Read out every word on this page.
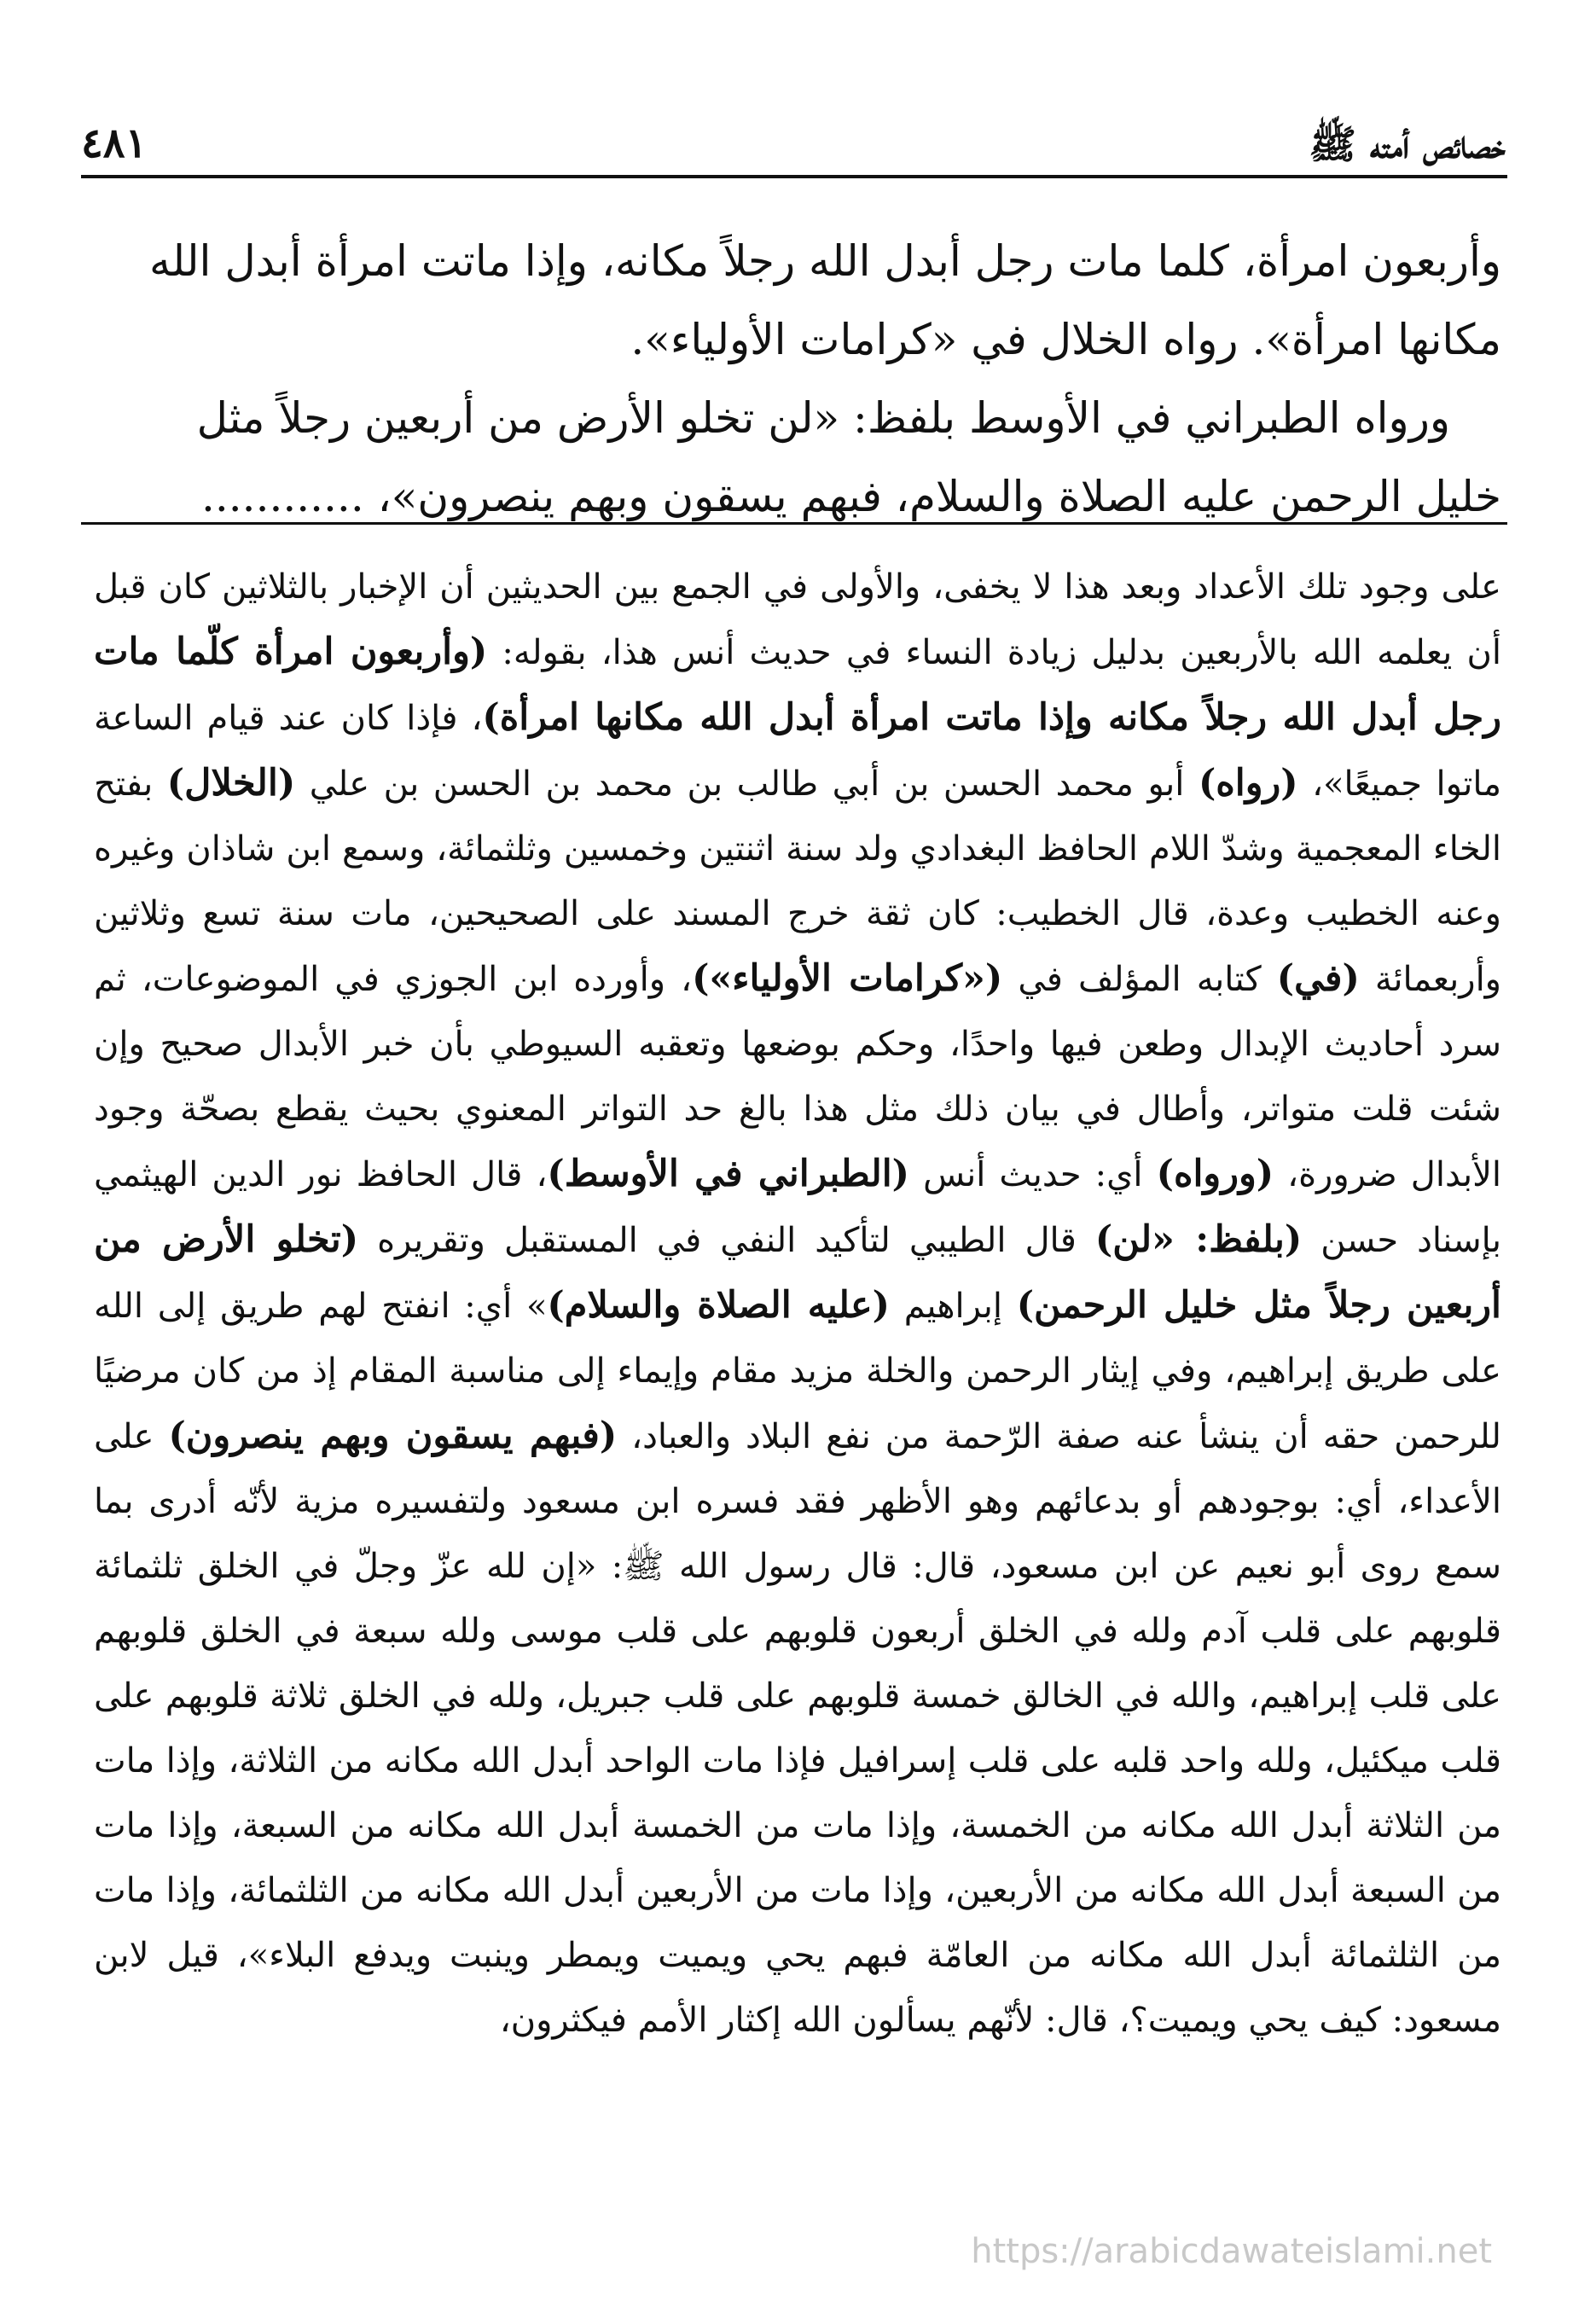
٤٨١	خصائص أمته ﷺ

وأربعون امرأة، كلما مات رجل أبدل الله رجلاً مكانه، وإذا ماتت امرأة أبدل الله

مكانها امرأة». رواه الخلال في «كرامات الأولياء».

ورواه الطبراني في الأوسط بلفظ: «لن تخلو الأرض من أربعين رجلاً مثل

خليل الرحمن عليه الصلاة والسلام، فبهم يسقون وبهم ينصرون»، ............

على وجود تلك الأعداد وبعد هذا لا يخفى، والأولى في الجمع بين الحديثين أن الإخبار بالثلاثين كان قبل أن يعلمه الله بالأربعين بدليل زيادة النساء في حديث أنس هذا، بقوله: (وأربعون امرأة كلّما مات رجل أبدل الله رجلاً مكانه وإذا ماتت امرأة أبدل الله مكانها امرأة)، فإذا كان عند قيام الساعة ماتوا جميعًا»، (رواه) أبو محمد الحسن بن أبي طالب بن محمد بن الحسن بن علي (الخلال) بفتح الخاء المعجمية وشدّ اللام الحافظ البغدادي ولد سنة اثنتين وخمسين وثلثمائة، وسمع ابن شاذان وغيره وعنه الخطيب وعدة، قال الخطيب: كان ثقة خرج المسند على الصحيحين، مات سنة تسع وثلاثين وأربعمائة (في) كتابه المؤلف في («كرامات الأولياء»)، وأورده ابن الجوزي في الموضوعات، ثم سرد أحاديث الإبدال وطعن فيها واحدًا، وحكم بوضعها وتعقبه السيوطي بأن خبر الأبدال صحيح وإن شئت قلت متواتر، وأطال في بيان ذلك مثل هذا بالغ حد التواتر المعنوي بحيث يقطع بصحّة وجود الأبدال ضرورة، (ورواه) أي: حديث أنس (الطبراني في الأوسط)، قال الحافظ نور الدين الهيثمي بإسناد حسن (بلفظ: «لن) قال الطيبي لتأكيد النفي في المستقبل وتقريره (تخلو الأرض من أربعين رجلاً مثل خليل الرحمن) إبراهيم (عليه الصلاة والسلام)» أي: انفتح لهم طريق إلى الله على طريق إبراهيم، وفي إيثار الرحمن والخلة مزيد مقام وإيماء إلى مناسبة المقام إذ من كان مرضيًا للرحمن حقه أن ينشأ عنه صفة الرّحمة من نفع البلاد والعباد، (فبهم يسقون وبهم ينصرون) على الأعداء، أي: بوجودهم أو بدعائهم وهو الأظهر فقد فسره ابن مسعود ولتفسيره مزية لأنّه أدرى بما سمع روى أبو نعيم عن ابن مسعود، قال: قال رسول الله ﷺ: «إن لله عزّ وجلّ في الخلق ثلثمائة قلوبهم على قلب آدم ولله في الخلق أربعون قلوبهم على قلب موسى ولله سبعة في الخلق قلوبهم على قلب إبراهيم، والله في الخالق خمسة قلوبهم على قلب جبريل، ولله في الخلق ثلاثة قلوبهم على قلب ميكئيل، ولله واحد قلبه على قلب إسرافيل فإذا مات الواحد أبدل الله مكانه من الثلاثة، وإذا مات من الثلاثة أبدل الله مكانه من الخمسة، وإذا مات من الخمسة أبدل الله مكانه من السبعة، وإذا مات من السبعة أبدل الله مكانه من الأربعين، وإذا مات من الأربعين أبدل الله مكانه من الثلثمائة، وإذا مات من الثلثمائة أبدل الله مكانه من العامّة فبهم يحي ويميت ويمطر وينبت ويدفع البلاء»، قيل لابن مسعود: كيف يحي ويميت؟، قال: لأنّهم يسألون الله إكثار الأمم فيكثرون،

https://arabicdawateislami.net
